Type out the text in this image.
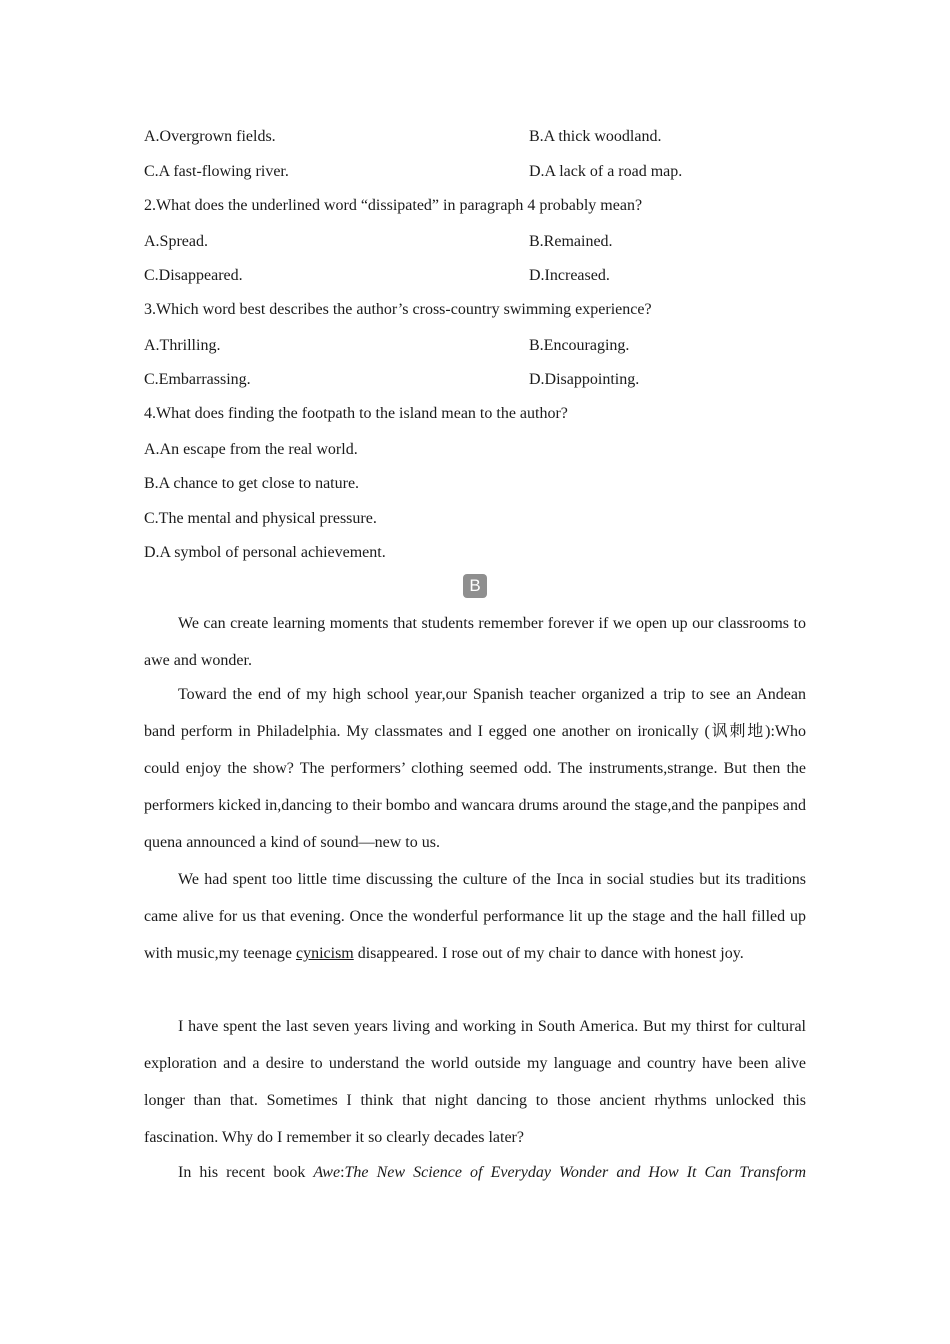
A.Overgrown fields.	B.A thick woodland.
C.A fast-flowing river.	D.A lack of a road map.
2.What does the underlined word “dissipated” in paragraph 4 probably mean?
A.Spread.	B.Remained.
C.Disappeared.	D.Increased.
3.Which word best describes the author’s cross-country swimming experience?
A.Thrilling.	B.Encouraging.
C.Embarrassing.	D.Disappointing.
4.What does finding the footpath to the island mean to the author?
A.An escape from the real world.
B.A chance to get close to nature.
C.The mental and physical pressure.
D.A symbol of personal achievement.
B

We can create learning moments that students remember forever if we open up our classrooms to awe and wonder.

Toward the end of my high school year,our Spanish teacher organized a trip to see an Andean band perform in Philadelphia. My classmates and I egged one another on ironically (讽刺地):Who could enjoy the show? The performers’ clothing seemed odd. The instruments,strange. But then the performers kicked in,dancing to their bombo and wancara drums around the stage,and the panpipes and quena announced a kind of sound—new to us.

We had spent too little time discussing the culture of the Inca in social studies but its traditions came alive for us that evening. Once the wonderful performance lit up the stage and the hall filled up with music,my teenage cynicism disappeared. I rose out of my chair to dance with honest joy.

I have spent the last seven years living and working in South America. But my thirst for cultural exploration and a desire to understand the world outside my language and country have been alive longer than that. Sometimes I think that night dancing to those ancient rhythms unlocked this fascination. Why do I remember it so clearly decades later?

In his recent book Awe:The New Science of Everyday Wonder and How It Can Transform
